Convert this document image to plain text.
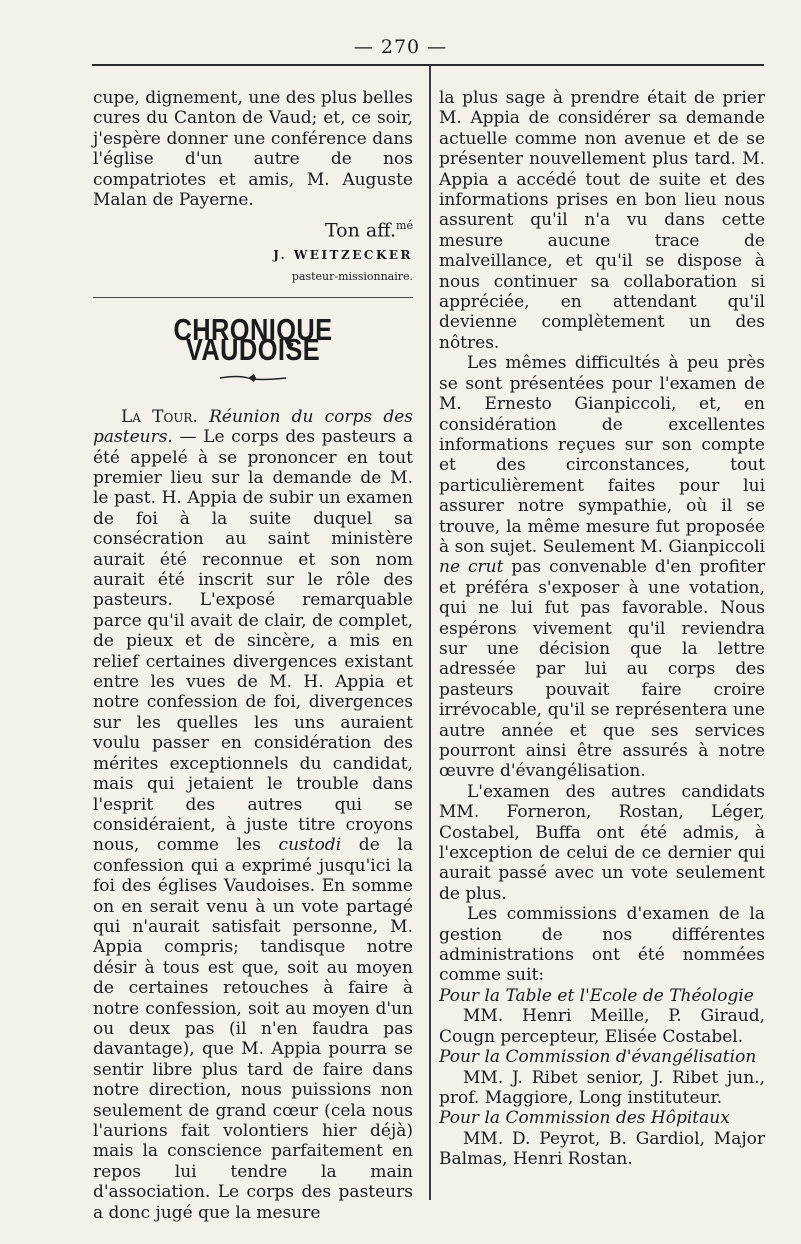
— 270 —

cupe, dignement, une des plus belles cures du Canton de Vaud; et, ce soir, j'espère donner une conférence dans l'église d'un autre de nos compatriotes et amis, M. Auguste Malan de Payerne.

Ton aff.$^{mé}$
J. WEITZECKER
pasteur-missionnaire.
CHRONIQUE VAUDOISE

La Tour. Réunion du corps des pasteurs. — Le corps des pasteurs a été appelé à se prononcer en tout premier lieu sur la demande de M. le past. H. Appia de subir un examen de foi à la suite duquel sa consécration au saint ministère aurait été reconnue et son nom aurait été inscrit sur le rôle des pasteurs. L'exposé remarquable parce qu'il avait de clair, de complet, de pieux et de sincère, a mis en relief certaines divergences existant entre les vues de M. H. Appia et notre confession de foi, divergences sur les quelles les uns auraient voulu passer en considération des mérites exceptionnels du candidat, mais qui jetaient le trouble dans l'esprit des autres qui se considéraient, à juste titre croyons nous, comme les custodi de la confession qui a exprimé jusqu'ici la foi des églises Vaudoises. En somme on en serait venu à un vote partagé qui n'aurait satisfait personne, M. Appia compris; tandisque notre désir à tous est que, soit au moyen de certaines retouches à faire à notre confession, soit au moyen d'un ou deux pas (il n'en faudra pas davantage), que M. Appia pourra se sentir libre plus tard de faire dans notre direction, nous puissions non seulement de grand cœur (cela nous l'aurions fait volontiers hier déjà) mais la conscience parfaitement en repos lui tendre la main d'association. Le corps des pasteurs a donc jugé que la mesure

la plus sage à prendre était de prier M. Appia de considérer sa demande actuelle comme non avenue et de se présenter nouvellement plus tard. M. Appia a accédé tout de suite et des informations prises en bon lieu nous assurent qu'il n'a vu dans cette mesure aucune trace de malveillance, et qu'il se dispose à nous continuer sa collaboration si appréciée, en attendant qu'il devienne complètement un des nôtres.

Les mêmes difficultés à peu près se sont présentées pour l'examen de M. Ernesto Gianpiccoli, et, en considération de excellentes informations reçues sur son compte et des circonstances, tout particulièrement faites pour lui assurer notre sympathie, où il se trouve, la même mesure fut proposée à son sujet. Seulement M. Gianpiccoli ne crut pas convenable d'en profiter et préféra s'exposer à une votation, qui ne lui fut pas favorable. Nous espérons vivement qu'il reviendra sur une décision que la lettre adressée par lui au corps des pasteurs pouvait faire croire irrévocable, qu'il se représentera une autre année et que ses services pourront ainsi être assurés à notre œuvre d'évangélisation.

L'examen des autres candidats MM. Forneron, Rostan, Léger, Costabel, Buffa ont été admis, à l'exception de celui de ce dernier qui aurait passé avec un vote seulement de plus.

Les commissions d'examen de la gestion de nos différentes administrations ont été nommées comme suit:

Pour la Table et l'Ecole de Théologie

MM. Henri Meille, P. Giraud, Cougn percepteur, Elisée Costabel.

Pour la Commission d'évangélisation

MM. J. Ribet senior, J. Ribet jun., prof. Maggiore, Long instituteur.

Pour la Commission des Hôpitaux

MM. D. Peyrot, B. Gardiol, Major Balmas, Henri Rostan.
